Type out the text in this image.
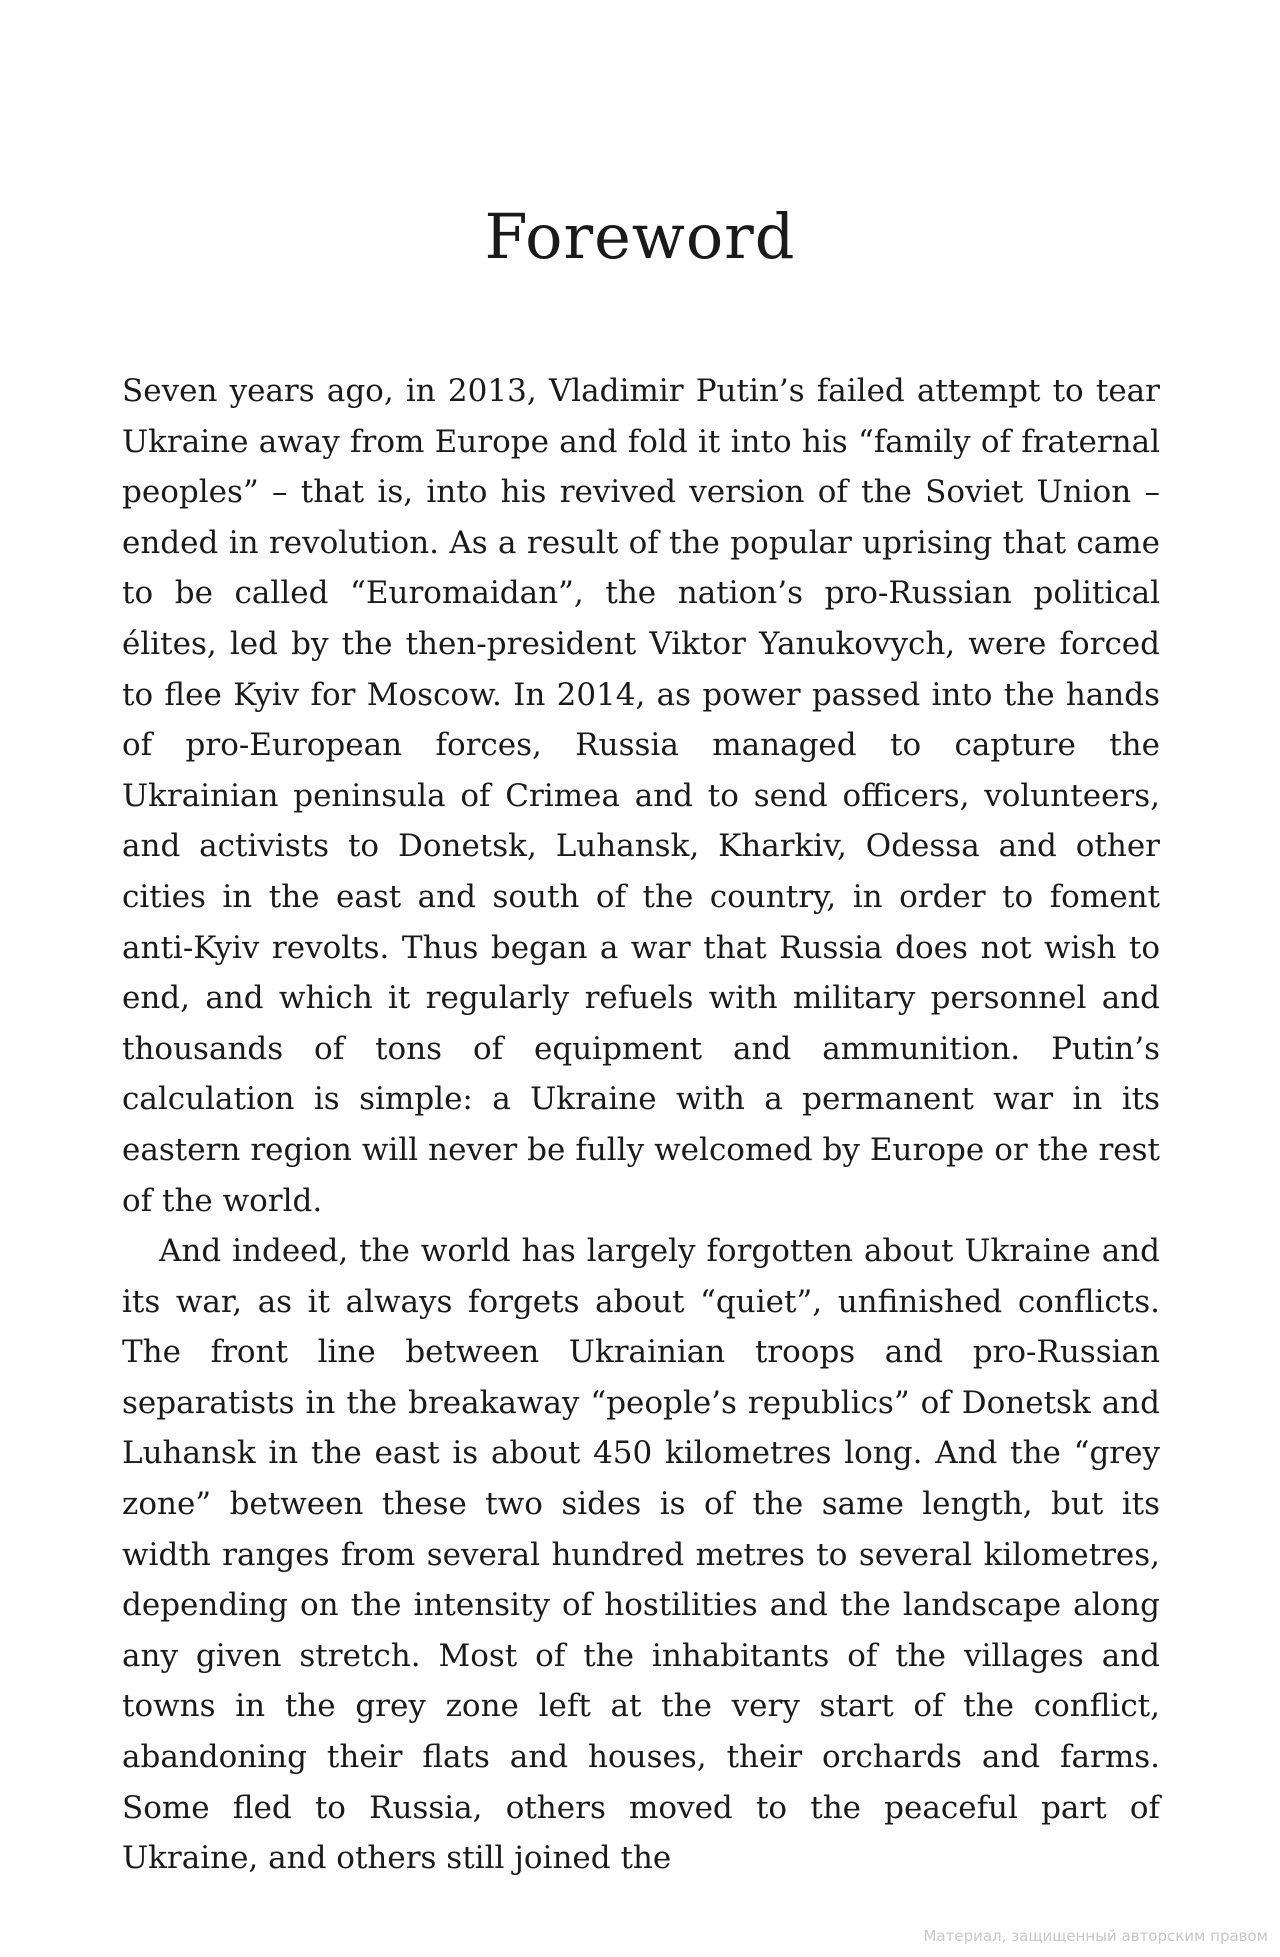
Foreword

Seven years ago, in 2013, Vladimir Putin’s failed attempt to tear Ukraine away from Europe and fold it into his “family of fraternal peoples” – that is, into his revived version of the Soviet Union – ended in revolution. As a result of the popular uprising that came to be called “Euromaidan”, the nation’s pro-Russian political élites, led by the then-president Viktor Yanukovych, were forced to flee Kyiv for Moscow. In 2014, as power passed into the hands of pro-European forces, Russia managed to capture the Ukrainian peninsula of Crimea and to send officers, volunteers, and activists to Donetsk, Luhansk, Kharkiv, Odessa and other cities in the east and south of the country, in order to foment anti-Kyiv revolts. Thus began a war that Russia does not wish to end, and which it regularly refuels with military personnel and thousands of tons of equipment and ammunition. Putin’s calculation is simple: a Ukraine with a permanent war in its eastern region will never be fully welcomed by Europe or the rest of the world.

And indeed, the world has largely forgotten about Ukraine and its war, as it always forgets about “quiet”, unfinished conflicts. The front line between Ukrainian troops and pro-Russian separatists in the breakaway “people’s republics” of Donetsk and Luhansk in the east is about 450 kilometres long. And the “grey zone” between these two sides is of the same length, but its width ranges from several hundred metres to several kilometres, depending on the intensity of hostilities and the landscape along any given stretch. Most of the inhabitants of the villages and towns in the grey zone left at the very start of the conflict, abandoning their flats and houses, their orchards and farms. Some fled to Russia, others moved to the peaceful part of Ukraine, and others still joined the

Материал, защищенный авторским правом
